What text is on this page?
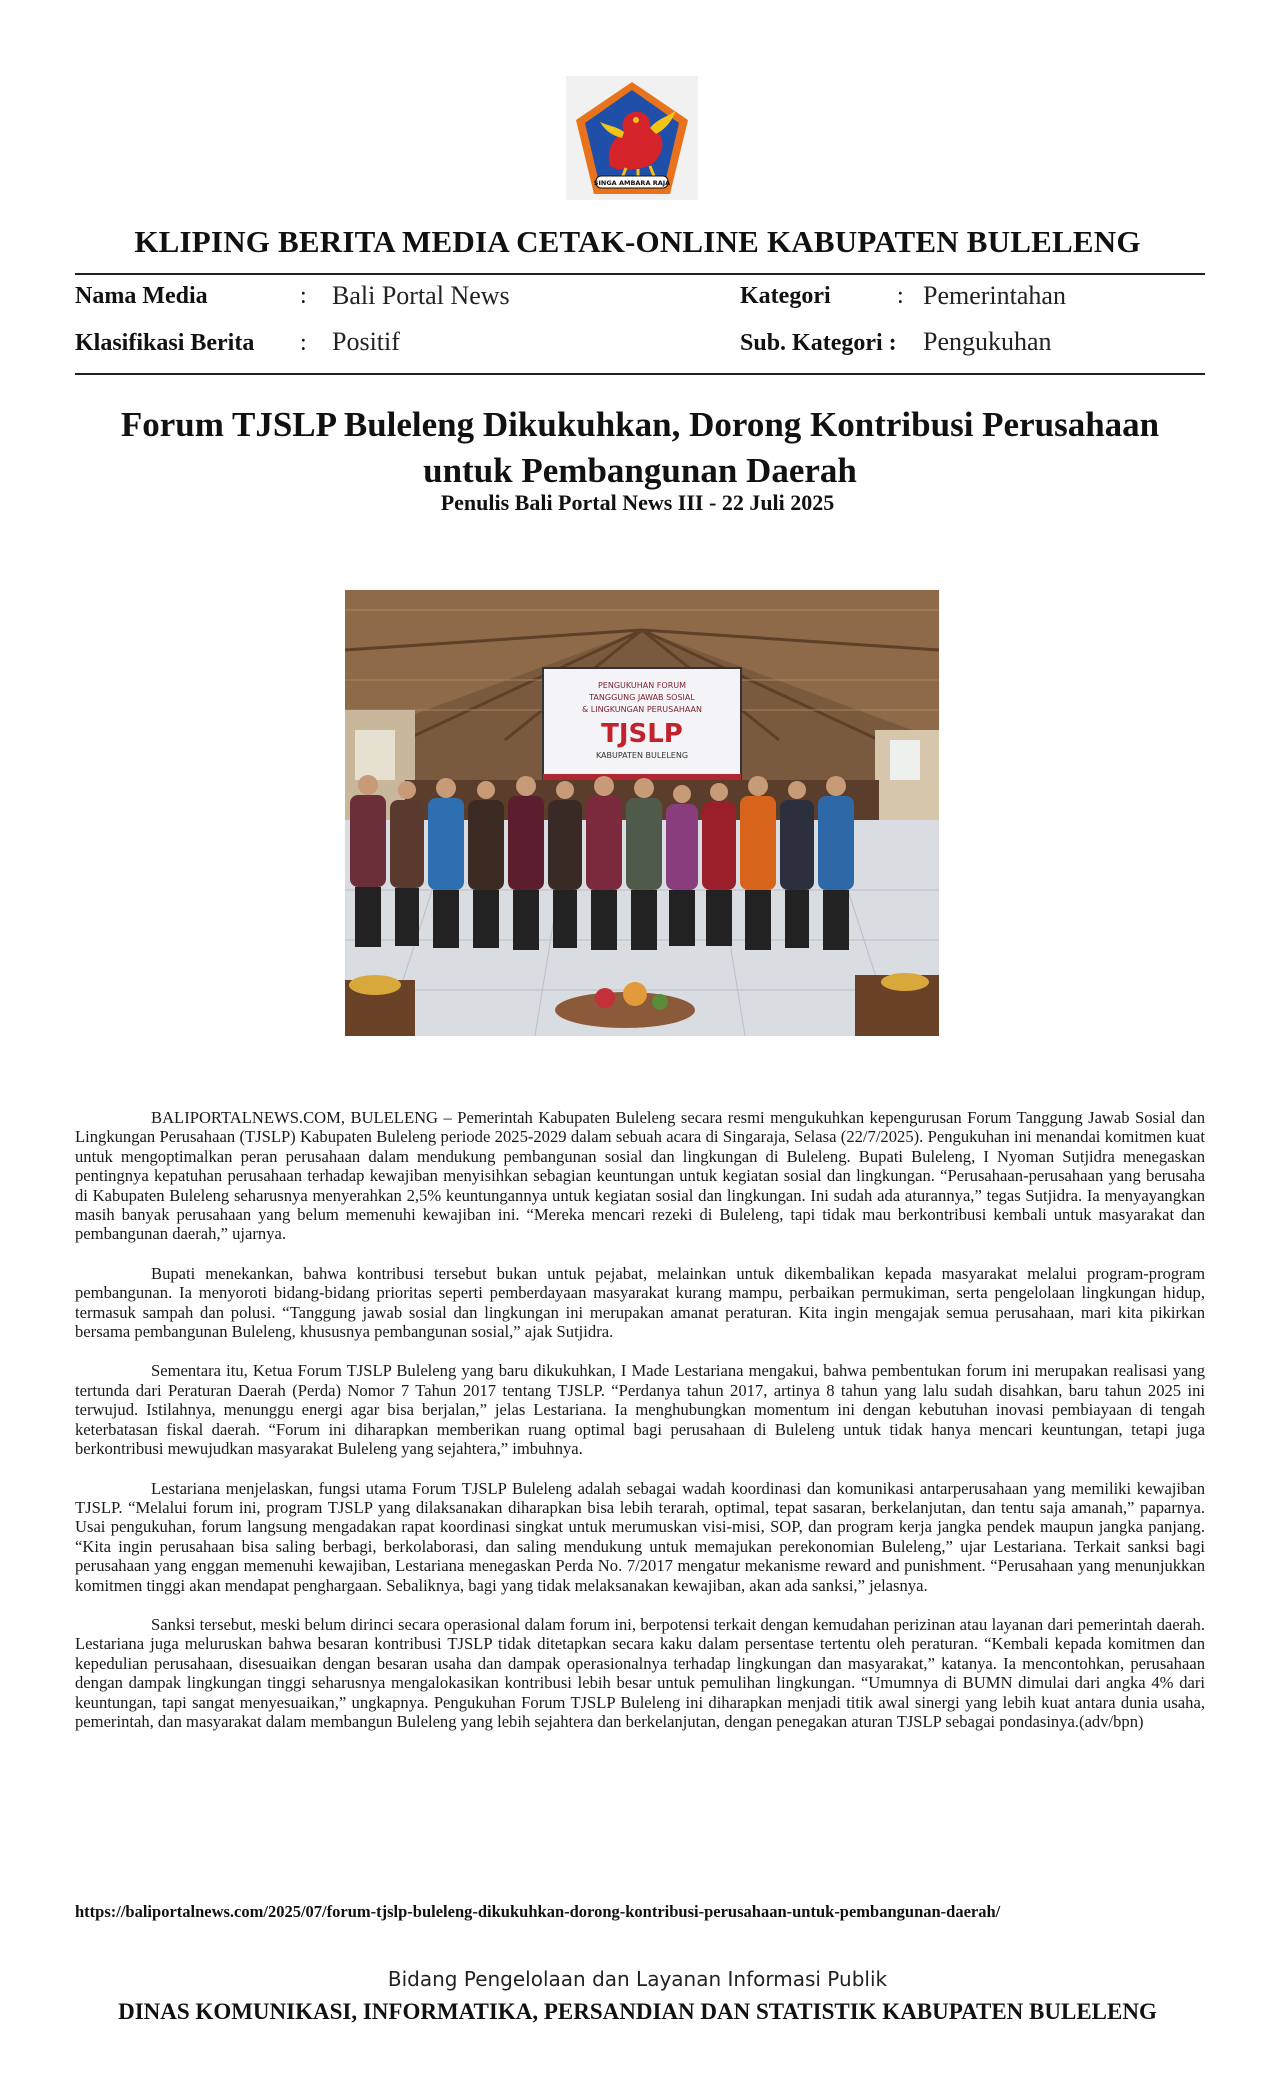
SINGA AMBARA RAJA
KLIPING BERITA MEDIA CETAK-ONLINE KABUPATEN BULELENG
Nama Media	: Bali Portal News	Kategori	: Pemerintahan
Klasifikasi Berita : Positif	Sub. Kategori : Pengukuhan
Forum TJSLP Buleleng Dikukuhkan, Dorong Kontribusi Perusahaan untuk Pembangunan Daerah
Penulis Bali Portal News III - 22 Juli 2025
PENGUKUHAN FORUM
TANGGUNG JAWAB SOSIAL
& LINGKUNGAN PERUSAHAAN
TJSLP
KABUPATEN BULELENG

BALIPORTALNEWS.COM, BULELENG – Pemerintah Kabupaten Buleleng secara resmi mengukuhkan kepengurusan Forum Tanggung Jawab Sosial dan Lingkungan Perusahaan (TJSLP) Kabupaten Buleleng periode 2025-2029 dalam sebuah acara di Singaraja, Selasa (22/7/2025). Pengukuhan ini menandai komitmen kuat untuk mengoptimalkan peran perusahaan dalam mendukung pembangunan sosial dan lingkungan di Buleleng. Bupati Buleleng, I Nyoman Sutjidra menegaskan pentingnya kepatuhan perusahaan terhadap kewajiban menyisihkan sebagian keuntungan untuk kegiatan sosial dan lingkungan. “Perusahaan-perusahaan yang berusaha di Kabupaten Buleleng seharusnya menyerahkan 2,5% keuntungannya untuk kegiatan sosial dan lingkungan. Ini sudah ada aturannya,” tegas Sutjidra. Ia menyayangkan masih banyak perusahaan yang belum memenuhi kewajiban ini. “Mereka mencari rezeki di Buleleng, tapi tidak mau berkontribusi kembali untuk masyarakat dan pembangunan daerah,” ujarnya.

Bupati menekankan, bahwa kontribusi tersebut bukan untuk pejabat, melainkan untuk dikembalikan kepada masyarakat melalui program-program pembangunan. Ia menyoroti bidang-bidang prioritas seperti pemberdayaan masyarakat kurang mampu, perbaikan permukiman, serta pengelolaan lingkungan hidup, termasuk sampah dan polusi. “Tanggung jawab sosial dan lingkungan ini merupakan amanat peraturan. Kita ingin mengajak semua perusahaan, mari kita pikirkan bersama pembangunan Buleleng, khususnya pembangunan sosial,” ajak Sutjidra.

Sementara itu, Ketua Forum TJSLP Buleleng yang baru dikukuhkan, I Made Lestariana mengakui, bahwa pembentukan forum ini merupakan realisasi yang tertunda dari Peraturan Daerah (Perda) Nomor 7 Tahun 2017 tentang TJSLP. “Perdanya tahun 2017, artinya 8 tahun yang lalu sudah disahkan, baru tahun 2025 ini terwujud. Istilahnya, menunggu energi agar bisa berjalan,” jelas Lestariana. Ia menghubungkan momentum ini dengan kebutuhan inovasi pembiayaan di tengah keterbatasan fiskal daerah. “Forum ini diharapkan memberikan ruang optimal bagi perusahaan di Buleleng untuk tidak hanya mencari keuntungan, tetapi juga berkontribusi mewujudkan masyarakat Buleleng yang sejahtera,” imbuhnya.

Lestariana menjelaskan, fungsi utama Forum TJSLP Buleleng adalah sebagai wadah koordinasi dan komunikasi antarperusahaan yang memiliki kewajiban TJSLP. “Melalui forum ini, program TJSLP yang dilaksanakan diharapkan bisa lebih terarah, optimal, tepat sasaran, berkelanjutan, dan tentu saja amanah,” paparnya. Usai pengukuhan, forum langsung mengadakan rapat koordinasi singkat untuk merumuskan visi-misi, SOP, dan program kerja jangka pendek maupun jangka panjang. “Kita ingin perusahaan bisa saling berbagi, berkolaborasi, dan saling mendukung untuk memajukan perekonomian Buleleng,” ujar Lestariana. Terkait sanksi bagi perusahaan yang enggan memenuhi kewajiban, Lestariana menegaskan Perda No. 7/2017 mengatur mekanisme reward and punishment. “Perusahaan yang menunjukkan komitmen tinggi akan mendapat penghargaan. Sebaliknya, bagi yang tidak melaksanakan kewajiban, akan ada sanksi,” jelasnya.

Sanksi tersebut, meski belum dirinci secara operasional dalam forum ini, berpotensi terkait dengan kemudahan perizinan atau layanan dari pemerintah daerah. Lestariana juga meluruskan bahwa besaran kontribusi TJSLP tidak ditetapkan secara kaku dalam persentase tertentu oleh peraturan. “Kembali kepada komitmen dan kepedulian perusahaan, disesuaikan dengan besaran usaha dan dampak operasionalnya terhadap lingkungan dan masyarakat,” katanya. Ia mencontohkan, perusahaan dengan dampak lingkungan tinggi seharusnya mengalokasikan kontribusi lebih besar untuk pemulihan lingkungan. “Umumnya di BUMN dimulai dari angka 4% dari keuntungan, tapi sangat menyesuaikan,” ungkapnya. Pengukuhan Forum TJSLP Buleleng ini diharapkan menjadi titik awal sinergi yang lebih kuat antara dunia usaha, pemerintah, dan masyarakat dalam membangun Buleleng yang lebih sejahtera dan berkelanjutan, dengan penegakan aturan TJSLP sebagai pondasinya.(adv/bpn)

https://baliportalnews.com/2025/07/forum-tjslp-buleleng-dikukuhkan-dorong-kontribusi-perusahaan-untuk-pembangunan-daerah/
Bidang Pengelolaan dan Layanan Informasi Publik
DINAS KOMUNIKASI, INFORMATIKA, PERSANDIAN DAN STATISTIK KABUPATEN BULELENG
